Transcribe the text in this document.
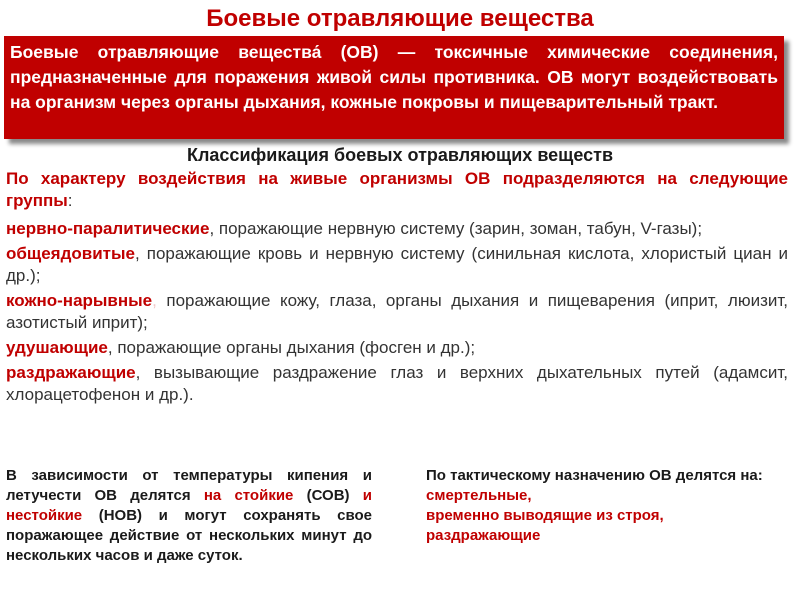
Боевые отравляющие вещества
Боевые отравляющие вещества́ (ОВ) — токсичные химические соединения, предназначенные для поражения живой силы противника. ОВ могут воздействовать на организм через органы дыхания, кожные покровы и пищеварительный тракт.
Классификация боевых отравляющих веществ

По характеру воздействия на живые организмы ОВ подразделяются на следующие группы:

нервно-паралитические, поражающие нервную систему (зарин, зоман, табун, V-газы);

общеядовитые, поражающие кровь и нервную систему (синильная кислота, хлористый циан и др.);

кожно-нарывные, поражающие кожу, глаза, органы дыхания и пищеварения (иприт, люизит, азотистый иприт);

удушающие, поражающие органы дыхания (фосген и др.);

раздражающие, вызывающие раздражение глаз и верхних дыхательных путей (адамсит, хлорацетофенон и др.).

В зависимости от температуры кипения и летучести ОВ делятся на стойкие (СОВ) и нестойкие (НОВ) и могут сохранять свое поражающее действие от нескольких минут до нескольких часов и даже суток.
По тактическому назначению ОВ делятся на:
смертельные,
временно выводящие из строя,
раздражающие
